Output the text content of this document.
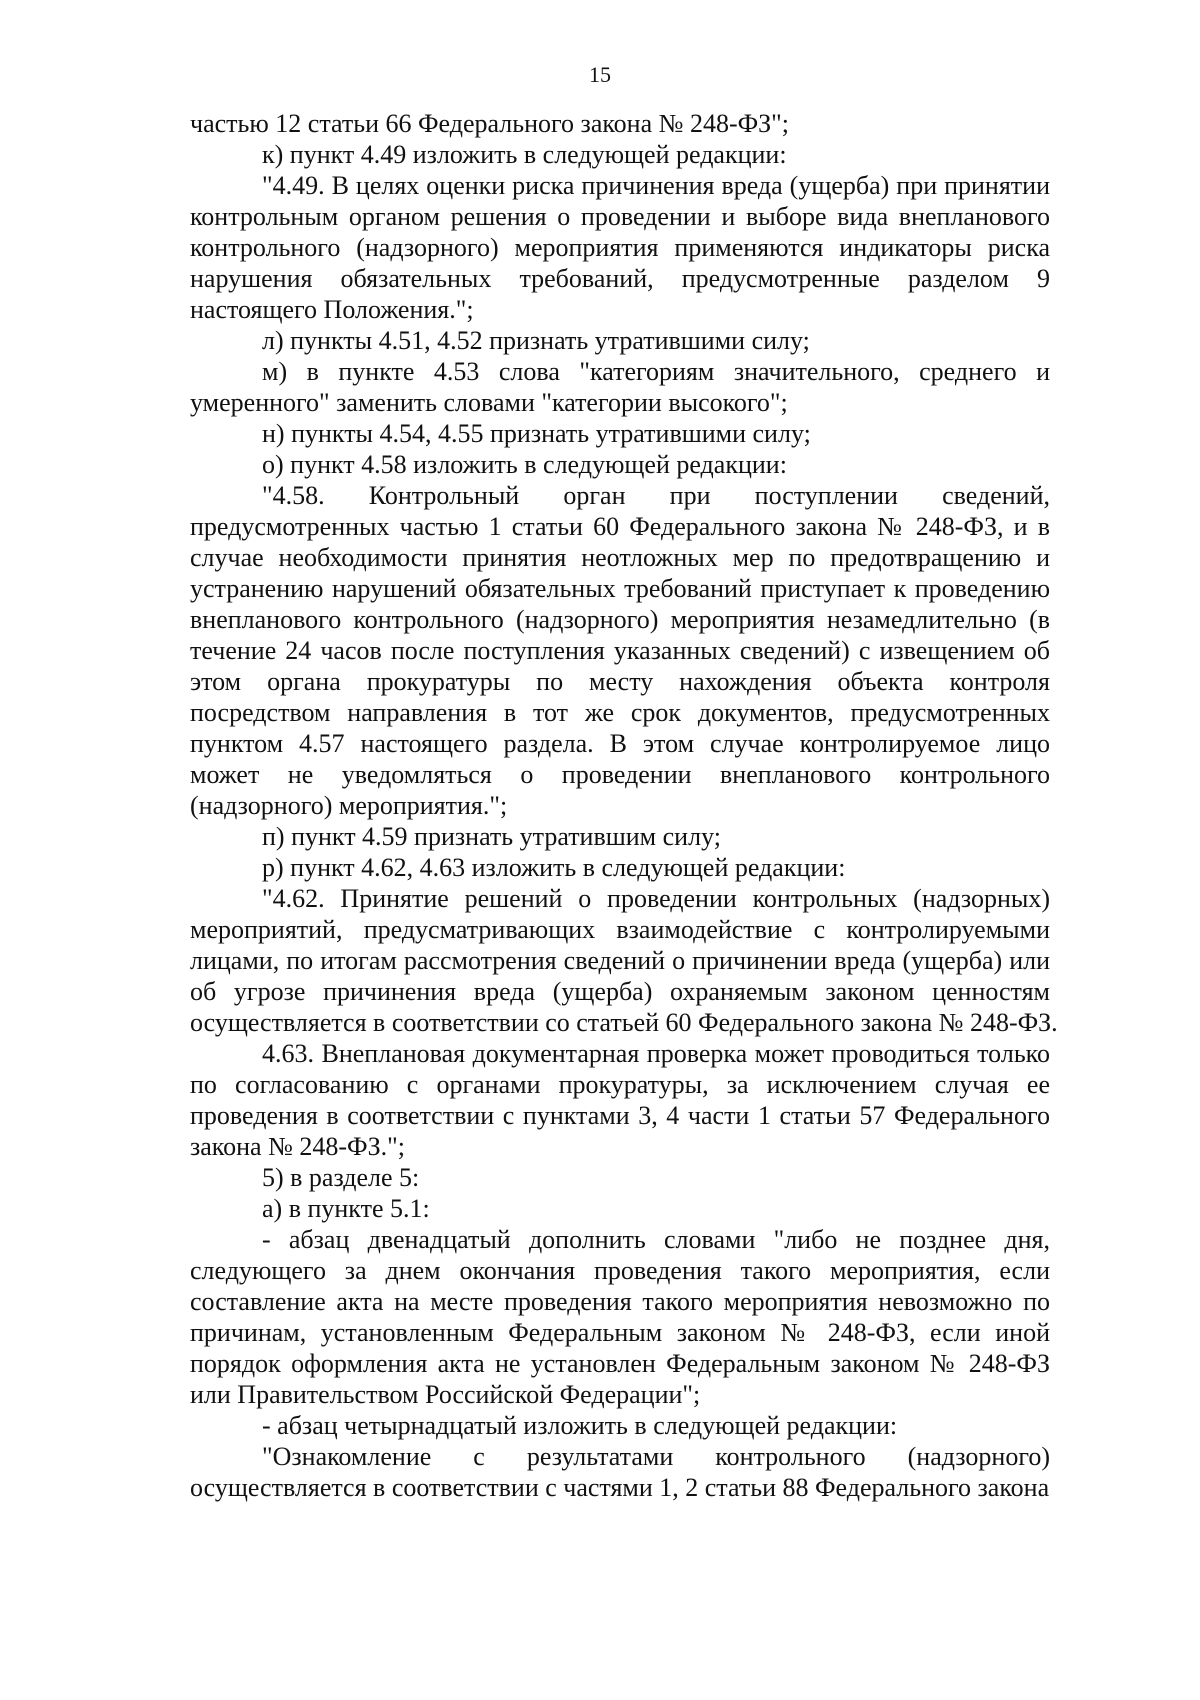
15
частью 12 статьи 66 Федерального закона № 248-ФЗ";
к) пункт 4.49 изложить в следующей редакции:
"4.49. В целях оценки риска причинения вреда (ущерба) при принятии
контрольным органом решения о проведении и выборе вида внепланового
контрольного (надзорного) мероприятия применяются индикаторы риска
нарушения обязательных требований, предусмотренные разделом 9
настоящего Положения.";
л) пункты 4.51, 4.52 признать утратившими силу;
м) в пункте 4.53 слова "категориям значительного, среднего и
умеренного" заменить словами "категории высокого";
н) пункты 4.54, 4.55 признать утратившими силу;
о) пункт 4.58 изложить в следующей редакции:
"4.58. Контрольный орган при поступлении сведений,
предусмотренных частью 1 статьи 60 Федерального закона № 248-ФЗ, и в
случае необходимости принятия неотложных мер по предотвращению и
устранению нарушений обязательных требований приступает к проведению
внепланового контрольного (надзорного) мероприятия незамедлительно (в
течение 24 часов после поступления указанных сведений) с извещением об
этом органа прокуратуры по месту нахождения объекта контроля
посредством направления в тот же срок документов, предусмотренных
пунктом 4.57 настоящего раздела. В этом случае контролируемое лицо
может не уведомляться о проведении внепланового контрольного
(надзорного) мероприятия.";
п) пункт 4.59 признать утратившим силу;
р) пункт 4.62, 4.63 изложить в следующей редакции:
"4.62. Принятие решений о проведении контрольных (надзорных)
мероприятий, предусматривающих взаимодействие с контролируемыми
лицами, по итогам рассмотрения сведений о причинении вреда (ущерба) или
об угрозе причинения вреда (ущерба) охраняемым законом ценностям
осуществляется в соответствии со статьей 60 Федерального закона № 248-ФЗ.
4.63. Внеплановая документарная проверка может проводиться только
по согласованию с органами прокуратуры, за исключением случая ее
проведения в соответствии с пунктами 3, 4 части 1 статьи 57 Федерального
закона № 248-ФЗ.";
5) в разделе 5:
а) в пункте 5.1:
- абзац двенадцатый дополнить словами "либо не позднее дня,
следующего за днем окончания проведения такого мероприятия, если
составление акта на месте проведения такого мероприятия невозможно по
причинам, установленным Федеральным законом № 248-ФЗ, если иной
порядок оформления акта не установлен Федеральным законом № 248-ФЗ
или Правительством Российской Федерации";
- абзац четырнадцатый изложить в следующей редакции:
"Ознакомление с результатами контрольного (надзорного)
осуществляется в соответствии с частями 1, 2 статьи 88 Федерального закона
